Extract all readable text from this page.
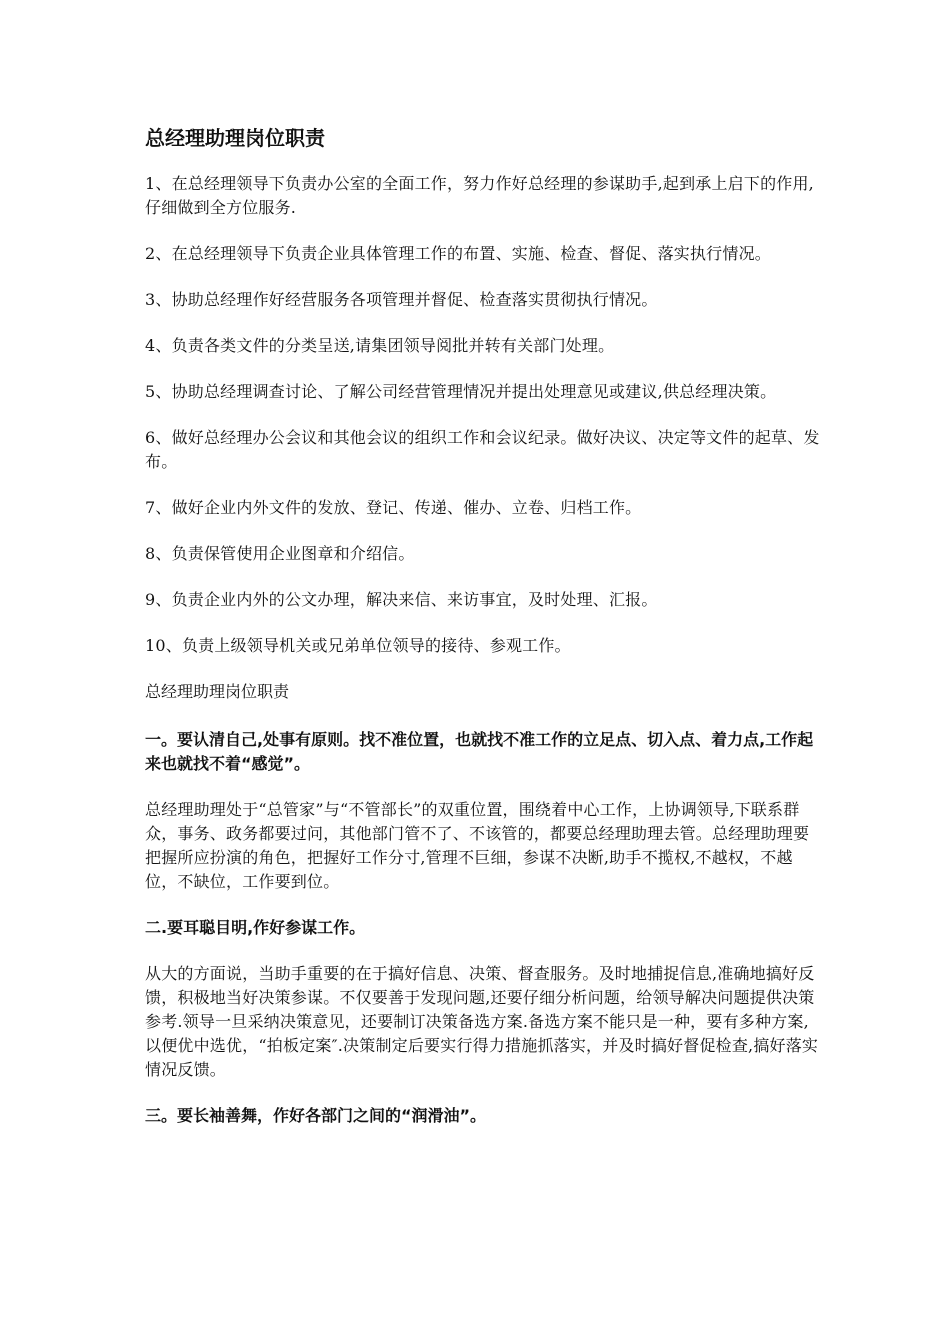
总经理助理岗位职责

1、在总经理领导下负责办公室的全面工作，努力作好总经理的参谋助手,起到承上启下的作用,仔细做到全方位服务.

2、在总经理领导下负责企业具体管理工作的布置、实施、检查、督促、落实执行情况。

3、协助总经理作好经营服务各项管理并督促、检查落实贯彻执行情况。

4、负责各类文件的分类呈送,请集团领导阅批并转有关部门处理。

5、协助总经理调查讨论、了解公司经营管理情况并提出处理意见或建议,供总经理决策。

6、做好总经理办公会议和其他会议的组织工作和会议纪录。做好决议、决定等文件的起草、发布。

7、做好企业内外文件的发放、登记、传递、催办、立卷、归档工作。

8、负责保管使用企业图章和介绍信。

9、负责企业内外的公文办理，解决来信、来访事宜，及时处理、汇报。

10、负责上级领导机关或兄弟单位领导的接待、参观工作。

总经理助理岗位职责

一。要认清自己,处事有原则。找不准位置，也就找不准工作的立足点、切入点、着力点,工作起来也就找不着“感觉”。

总经理助理处于“总管家”与“不管部长”的双重位置，围绕着中心工作，上协调领导,下联系群众，事务、政务都要过问，其他部门管不了、不该管的，都要总经理助理去管。总经理助理要把握所应扮演的角色，把握好工作分寸,管理不巨细，参谋不决断,助手不揽权,不越权，不越位，不缺位，工作要到位。

二.要耳聪目明,作好参谋工作。

从大的方面说，当助手重要的在于搞好信息、决策、督查服务。及时地捕捉信息,准确地搞好反馈，积极地当好决策参谋。不仅要善于发现问题,还要仔细分析问题，给领导解决问题提供决策参考.领导一旦采纳决策意见，还要制订决策备选方案.备选方案不能只是一种，要有多种方案,以便优中选优，“拍板定案″.决策制定后要实行得力措施抓落实，并及时搞好督促检查,搞好落实情况反馈。

三。要长袖善舞，作好各部门之间的“润滑油”。
